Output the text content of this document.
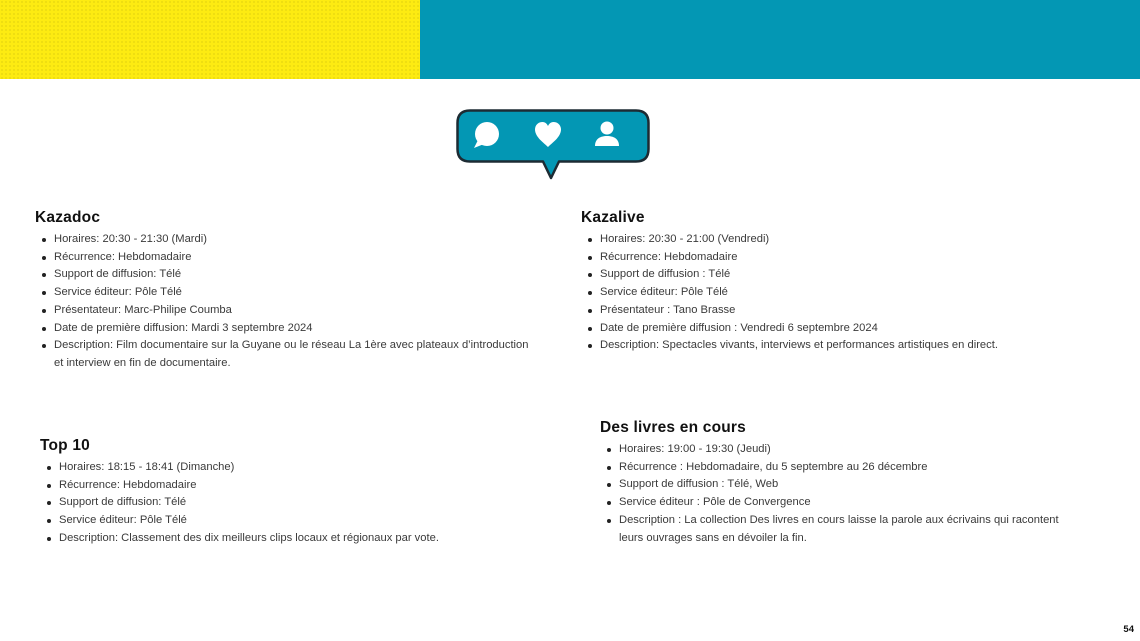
Kazadoc
Horaires: 20:30 - 21:30 (Mardi)
Récurrence: Hebdomadaire
Support de diffusion: Télé
Service éditeur: Pôle Télé
Présentateur: Marc-Philipe Coumba
Date de première diffusion: Mardi 3 septembre 2024
Description: Film documentaire sur la Guyane ou le réseau La 1ère avec plateaux d’introduction et interview en fin de documentaire.
Kazalive
Horaires: 20:30 - 21:00 (Vendredi)
Récurrence: Hebdomadaire
Support de diffusion : Télé
Service éditeur: Pôle Télé
Présentateur : Tano Brasse
Date de première diffusion : Vendredi 6 septembre 2024
Description: Spectacles vivants, interviews et performances artistiques en direct.
Top 10
Horaires: 18:15 - 18:41 (Dimanche)
Récurrence: Hebdomadaire
Support de diffusion: Télé
Service éditeur: Pôle Télé
Description: Classement des dix meilleurs clips locaux et régionaux par vote.
Des livres en cours
Horaires: 19:00 - 19:30 (Jeudi)
Récurrence : Hebdomadaire, du 5 septembre au 26 décembre
Support de diffusion : Télé, Web
Service éditeur : Pôle de Convergence
Description : La collection Des livres en cours laisse la parole aux écrivains qui racontent leurs ouvrages sans en dévoiler la fin.
54
